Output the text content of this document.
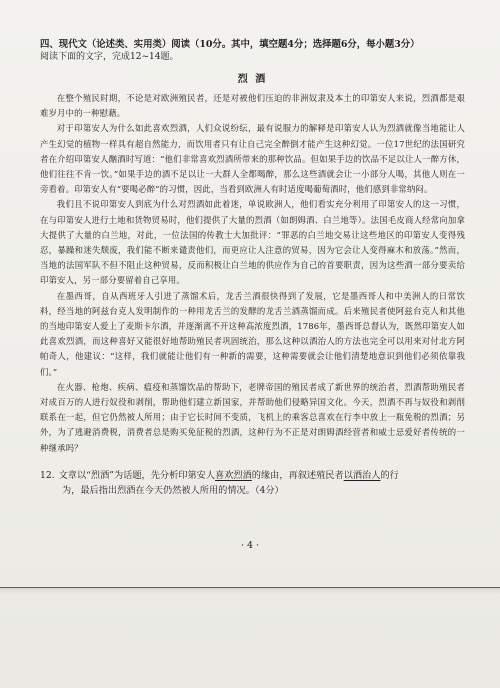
四、现代文（论述类、实用类）阅读（10分。其中，填空题4分；选择题6分，每小题3分）

阅读下面的文字，完成12~14题。

烈 酒

在整个殖民时期，不论是对欧洲殖民者，还是对被他们压迫的非洲奴隶及本土的印第安人来说，烈酒都是艰难岁月中的一种慰藉。

对于印第安人为什么如此喜欢烈酒，人们众说纷纭，最有说服力的解释是印第安人认为烈酒就像当地能让人产生幻觉的植物一样具有超自然能力，而饮用者只有让自己完全醉倒才能产生这种幻觉。一位17世纪的法国研究者在介绍印第安人酗酒时写道：“他们非常喜欢烈酒所带来的那种饮品。但如果手边的饮品不足以让人一醉方休，他们往往不肯一饮。”如果手边的酒不足以让一大群人全都喝醉，那么这些酒就会让一小部分人喝，其他人则在一旁看着。印第安人有“要喝必醉”的习惯，因此，当看到欧洲人有时适度喝葡萄酒时，他们感到非常纳闷。

我们且不说印第安人到底为什么对烈酒如此着迷，单说欧洲人，他们看实充分利用了印第安人的这一习惯，在与印第安人进行土地和货物贸易时，他们提供了大量的烈酒（如朗姆酒、白兰地等）。法国毛皮商人经常向加拿大提供了大量的白兰地，对此，一位法国的传教士大加批评：“罪恶的白兰地交易让这些地区的印第安人变得残忍，暴躁和迷失颓废，我们能不断来谴责他们，而更应让人注意的贸易，因为它会让人变得麻木和放荡。”然而，当地的法国军队不但不阻止这种贸易，反而积极让白兰地的供应作为自己的首要职责，因为这些酒一部分要卖给印第安人，另一部分要留着自己享用。

在墨西哥，自从西班牙人引进了蒸馏术后，龙舌兰酒很快得到了发展，它是墨西哥人和中美洲人的日常饮料，经当地的阿兹台克人发明制作的一种用龙舌兰的发酵的龙舌兰酒蒸馏而成。后来殖民者使阿兹台克人和其他的当地印第安人爱上了麦斯卡尔酒，并逐渐离不开这种高浓度烈酒，1786年，墨西哥总督认为，既然印第安人如此喜欢烈酒，而这种喜好又能很好地帮助殖民者巩固统治，那么这种以酒治人的方法也完全可以用来对付北方阿帕奇人，他建议：“这样，我们就能让他们有一种新的需要，这种需要就会让他们清楚地意识到他们必须依靠我们。”

在火器、枪炮、疾病、瘟疫和蒸馏饮品的帮助下，老牌帝国的殖民者成了新世界的统治者，烈酒帮助殖民者对成百万的人进行奴役和剥削，帮助他们建立新国家，并帮助他们侵略异国文化。今天，烈酒不再与奴役和剥削联系在一起，但它仍然被人所用；由于它长时间不变质，飞机上的乘客总喜欢在行李中放上一瓶免税的烈酒；另外，为了逃避消费税，消费者总是购买免征税的烈酒，这种行为不正是对朗姆酒经营者和威士忌爱好者传统的一种继承吗？

12. 文章以“烈酒”为话题，先分析印第安人喜欢烈酒的缘由，再叙述殖民者以酒治人的行
为，最后指出烈酒在今天仍然被人所用的情况。（4分）
· 4 ·
